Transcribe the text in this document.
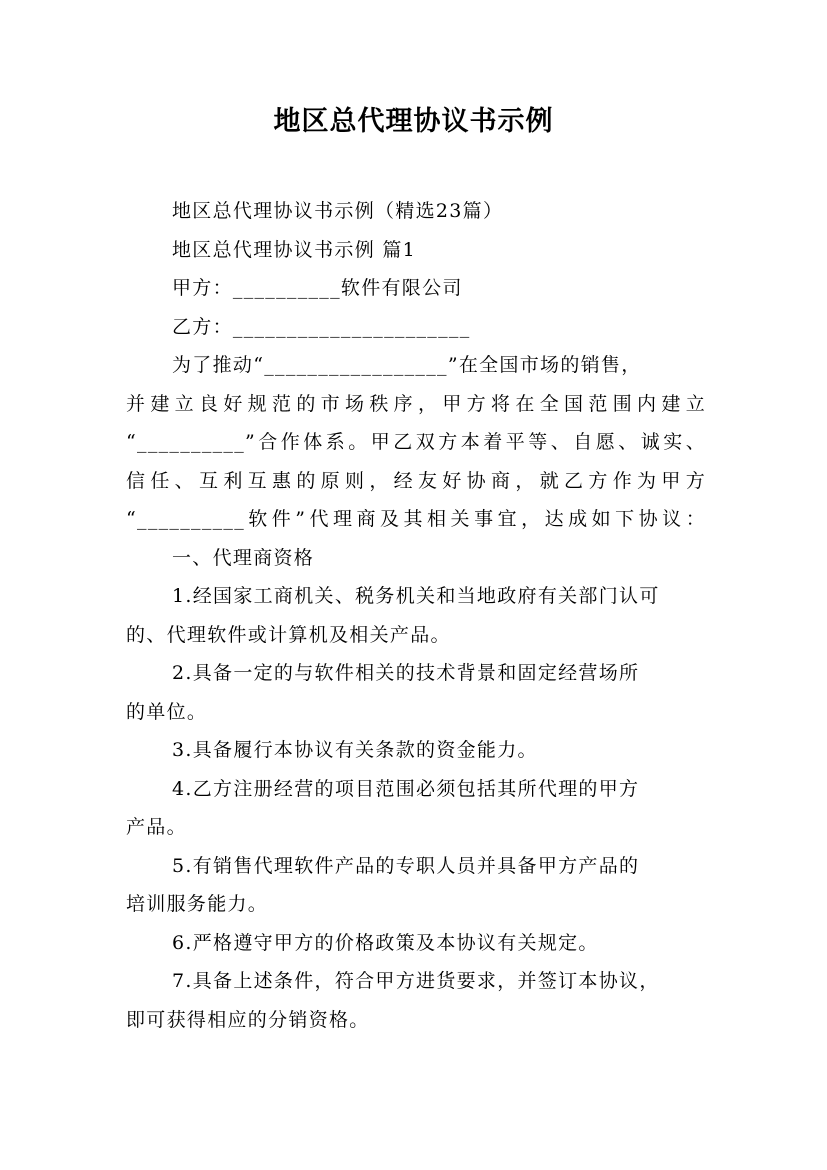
地区总代理协议书示例
地区总代理协议书示例（精选23篇）
地区总代理协议书示例 篇1
甲方：__________软件有限公司
乙方：______________________
为了推动“_________________”在全国市场的销售，
并建立良好规范的市场秩序，甲方将在全国范围内建立
“__________”合作体系。甲乙双方本着平等、自愿、诚实、
信任、互利互惠的原则，经友好协商，就乙方作为甲方
“__________软件”代理商及其相关事宜，达成如下协议：
一、代理商资格
1.经国家工商机关、税务机关和当地政府有关部门认可
的、代理软件或计算机及相关产品。
2.具备一定的与软件相关的技术背景和固定经营场所
的单位。
3.具备履行本协议有关条款的资金能力。
4.乙方注册经营的项目范围必须包括其所代理的甲方
产品。
5.有销售代理软件产品的专职人员并具备甲方产品的
培训服务能力。
6.严格遵守甲方的价格政策及本协议有关规定。
7.具备上述条件，符合甲方进货要求，并签订本协议，
即可获得相应的分销资格。
